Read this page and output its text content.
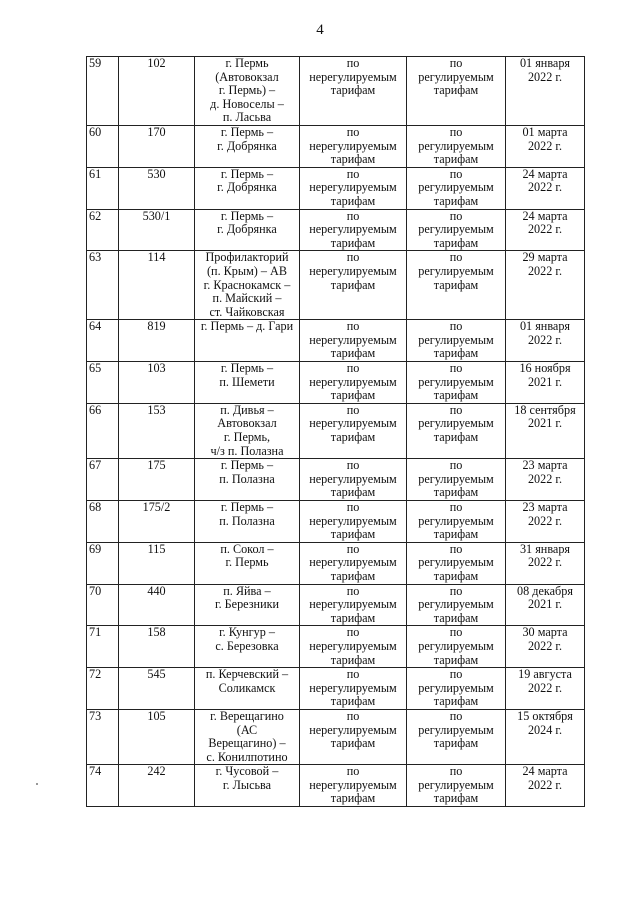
4
59	102	г. Пермь
(Автовокзал
г. Пермь) –
д. Новоселы –
п. Ласьва	по
нерегулируемым
тарифам	по
регулируемым
тарифам	01 января
2022 г.
60	170	г. Пермь –
г. Добрянка	по
нерегулируемым
тарифам	по
регулируемым
тарифам	01 марта
2022 г.
61	530	г. Пермь –
г. Добрянка	по
нерегулируемым
тарифам	по
регулируемым
тарифам	24 марта
2022 г.
62	530/1	г. Пермь –
г. Добрянка	по
нерегулируемым
тарифам	по
регулируемым
тарифам	24 марта
2022 г.
63	114	Профилакторий
(п. Крым) – АВ
г. Краснокамск –
п. Майский –
ст. Чайковская	по
нерегулируемым
тарифам	по
регулируемым
тарифам	29 марта
2022 г.
64	819	г. Пермь – д. Гари	по
нерегулируемым
тарифам	по
регулируемым
тарифам	01 января
2022 г.
65	103	г. Пермь –
п. Шемети	по
нерегулируемым
тарифам	по
регулируемым
тарифам	16 ноября
2021 г.
66	153	п. Дивья –
Автовокзал
г. Пермь,
ч/з п. Полазна	по
нерегулируемым
тарифам	по
регулируемым
тарифам	18 сентября
2021 г.
67	175	г. Пермь –
п. Полазна	по
нерегулируемым
тарифам	по
регулируемым
тарифам	23 марта
2022 г.
68	175/2	г. Пермь –
п. Полазна	по
нерегулируемым
тарифам	по
регулируемым
тарифам	23 марта
2022 г.
69	115	п. Сокол –
г. Пермь	по
нерегулируемым
тарифам	по
регулируемым
тарифам	31 января
2022 г.
70	440	п. Яйва –
г. Березники	по
нерегулируемым
тарифам	по
регулируемым
тарифам	08 декабря
2021 г.
71	158	г. Кунгур –
с. Березовка	по
нерегулируемым
тарифам	по
регулируемым
тарифам	30 марта
2022 г.
72	545	п. Керчевский –
Соликамск	по
нерегулируемым
тарифам	по
регулируемым
тарифам	19 августа
2022 г.
73	105	г. Верещагино
(АС
Верещагино) –
с. Конилпотино	по
нерегулируемым
тарифам	по
регулируемым
тарифам	15 октября
2024 г.
74	242	г. Чусовой –
г. Лысьва	по
нерегулируемым
тарифам	по
регулируемым
тарифам	24 марта
2022 г.
